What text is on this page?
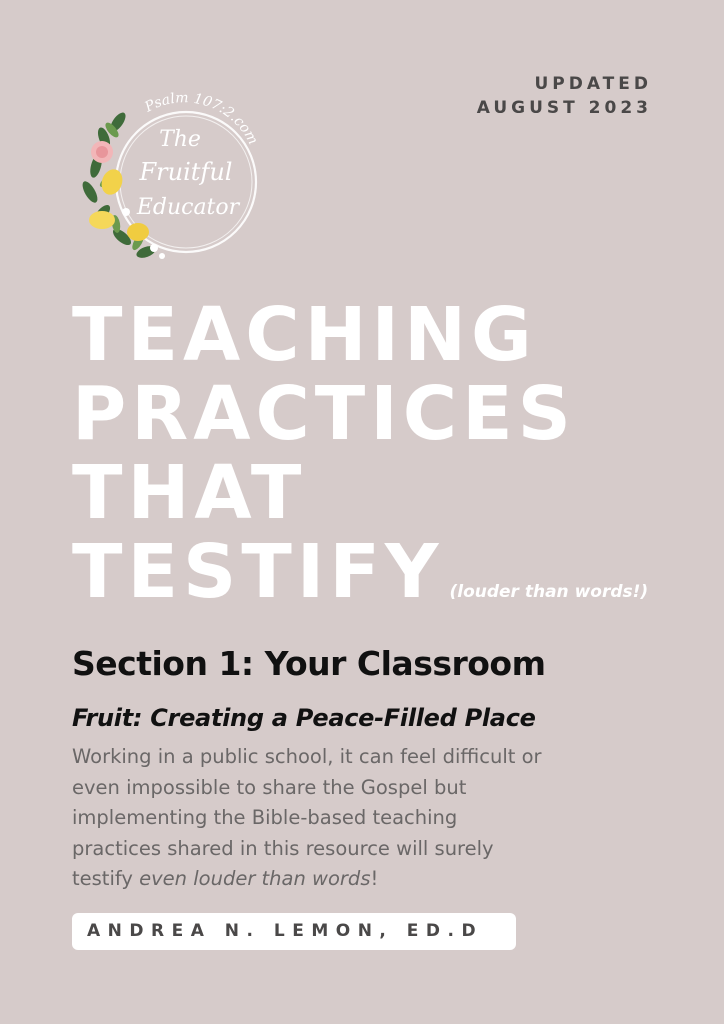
UPDATED
AUGUST 2023
Psalm 107:2.com
The
Fruitful
Educator
TEACHING
PRACTICES
THAT
TESTIFY (louder than words!)
Section 1: Your Classroom
Fruit: Creating a Peace-Filled Place
Working in a public school, it can feel difficult or
even impossible to share the Gospel but
implementing the Bible-based teaching
practices shared in this resource will surely
testify even louder than words!
ANDREA N. LEMON, ED.D
